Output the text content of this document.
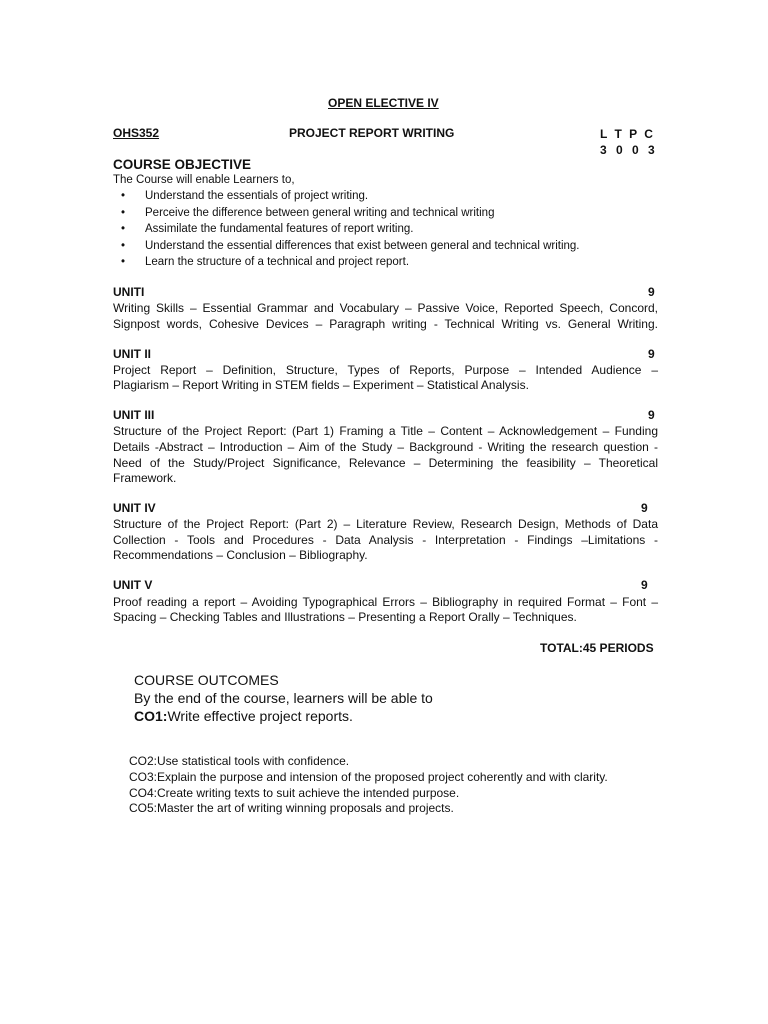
OPEN ELECTIVE IV
OHS352	PROJECT REPORT WRITING	L T P C
3 0 0 3
COURSE OBJECTIVE
The Course will enable Learners to,
• Understand the essentials of project writing.
• Perceive the difference between general writing and technical writing
• Assimilate the fundamental features of report writing.
• Understand the essential differences that exist between general and technical writing.
• Learn the structure of a technical and project report.
UNITI	9
Writing Skills – Essential Grammar and Vocabulary – Passive Voice, Reported Speech, Concord,
Signpost words, Cohesive Devices – Paragraph writing - Technical Writing vs. General Writing.
UNIT II	9
Project Report – Definition, Structure, Types of Reports, Purpose – Intended Audience –
Plagiarism – Report Writing in STEM fields – Experiment – Statistical Analysis.
UNIT III	9
Structure of the Project Report: (Part 1) Framing a Title – Content – Acknowledgement – Funding
Details -Abstract – Introduction – Aim of the Study – Background - Writing the research question -
Need of the Study/Project Significance, Relevance – Determining the feasibility – Theoretical
Framework.
UNIT IV	9
Structure of the Project Report: (Part 2) – Literature Review, Research Design, Methods of Data
Collection - Tools and Procedures - Data Analysis - Interpretation - Findings –Limitations -
Recommendations – Conclusion – Bibliography.
UNIT V	9
Proof reading a report – Avoiding Typographical Errors – Bibliography in required Format – Font –
Spacing – Checking Tables and Illustrations – Presenting a Report Orally – Techniques.
TOTAL:45 PERIODS
COURSE OUTCOMES
By the end of the course, learners will be able to
CO1:Write effective project reports.
CO2:Use statistical tools with confidence.
CO3:Explain the purpose and intension of the proposed project coherently and with clarity.
CO4:Create writing texts to suit achieve the intended purpose.
CO5:Master the art of writing winning proposals and projects.
